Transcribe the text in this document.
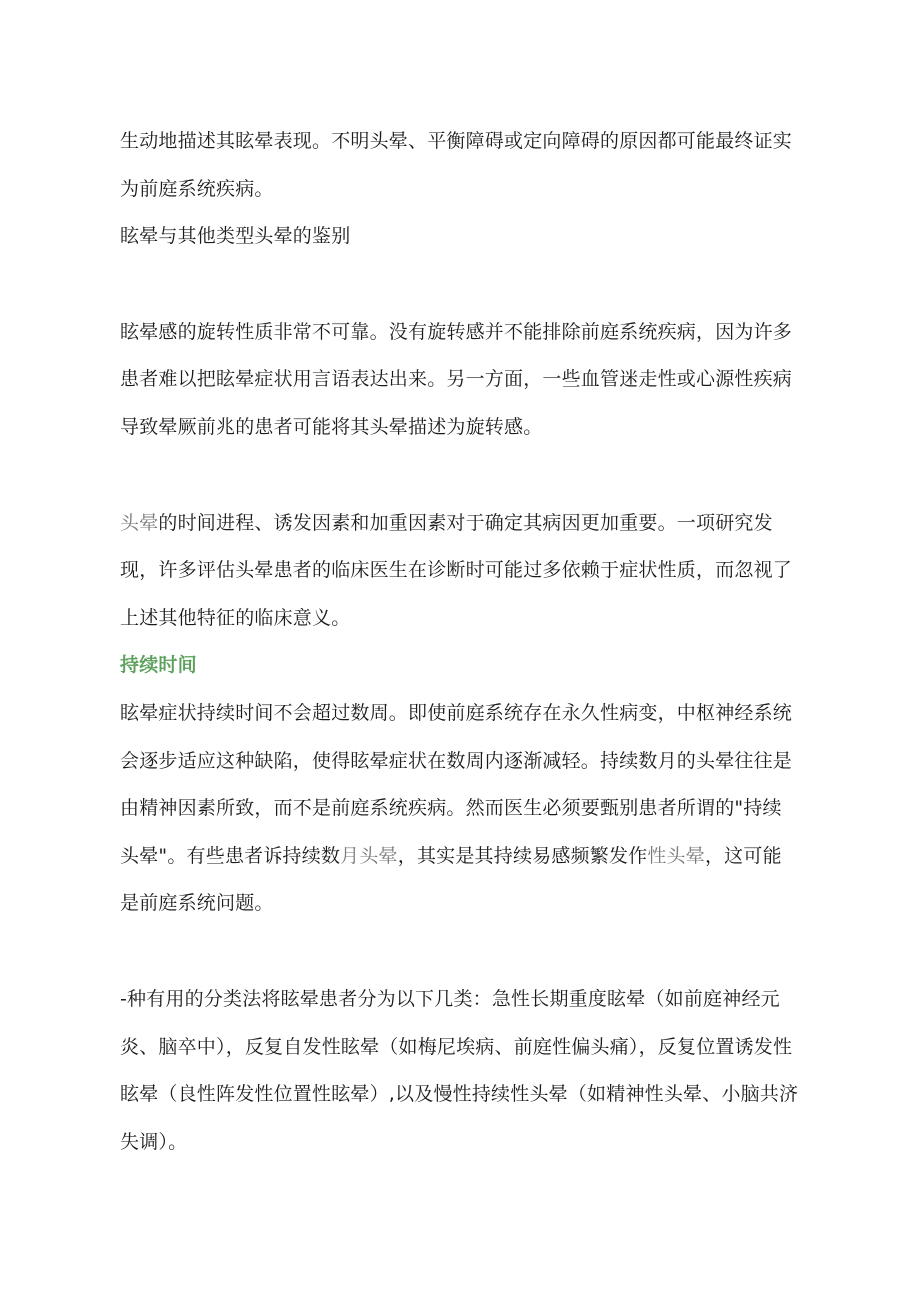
生动地描述其眩晕表现。不明头晕、平衡障碍或定向障碍的原因都可能最终证实为前庭系统疾病。

眩晕与其他类型头晕的鉴别

眩晕感的旋转性质非常不可靠。没有旋转感并不能排除前庭系统疾病，因为许多患者难以把眩晕症状用言语表达出来。另一方面，一些血管迷走性或心源性疾病导致晕厥前兆的患者可能将其头晕描述为旋转感。

头晕的时间进程、诱发因素和加重因素对于确定其病因更加重要。一项研究发现，许多评估头晕患者的临床医生在诊断时可能过多依赖于症状性质，而忽视了上述其他特征的临床意义。

持续时间

眩晕症状持续时间不会超过数周。即使前庭系统存在永久性病变，中枢神经系统会逐步适应这种缺陷，使得眩晕症状在数周内逐渐减轻。持续数月的头晕往往是由精神因素所致，而不是前庭系统疾病。然而医生必须要甄别患者所谓的"持续头晕"。有些患者诉持续数月头晕，其实是其持续易感频繁发作性头晕，这可能是前庭系统问题。

-种有用的分类法将眩晕患者分为以下几类：急性长期重度眩晕（如前庭神经元炎、脑卒中），反复自发性眩晕（如梅尼埃病、前庭性偏头痛），反复位置诱发性眩晕（良性阵发性位置性眩晕）,以及慢性持续性头晕（如精神性头晕、小脑共济失调）。
